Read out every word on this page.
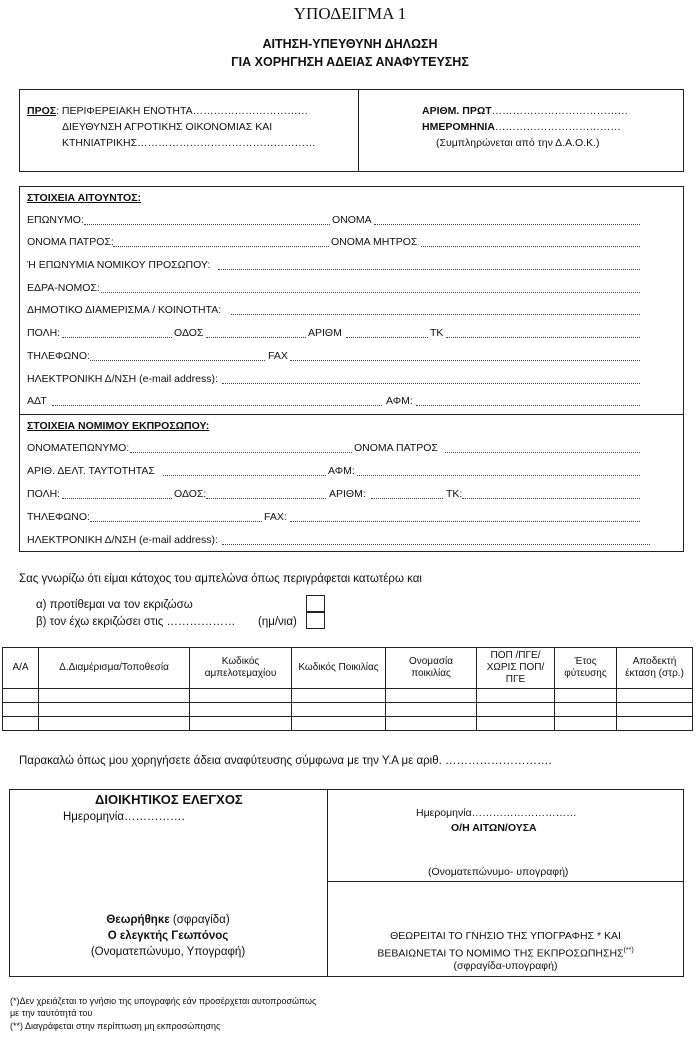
ΥΠΟΔΕΙΓΜΑ 1
ΑΙΤΗΣΗ-ΥΠΕΥΘΥΝΗ ΔΗΛΩΣΗ
ΓΙΑ ΧΟΡΗΓΗΣΗ ΑΔΕΙΑΣ ΑΝΑΦΥΤΕΥΣΗΣ
ΠΡΟΣ: ΠΕΡΙΦΕΡΕΙΑΚΗ ΕΝΟΤΗΤΑ……………………………
ΔΙΕΥΘΥΝΣΗ ΑΓΡΟΤΙΚΗΣ ΟΙΚΟΝΟΜΙΑΣ ΚΑΙ
ΚΤΗΝΙΑΤΡΙΚΗΣ……………………………………………
ΑΡΙΘΜ. ΠΡΩΤ…………………………………
ΗΜΕΡΟΜΗΝΙΑ………………………………
(Συμπληρώνεται από την Δ.Α.Ο.Κ.)
ΣΤΟΙΧΕΙΑ ΑΙΤΟΥΝΤΟΣ:
ΕΠΩΝΥΜΟ:	ΟΝΟΜΑ
ΟΝΟΜΑ ΠΑΤΡΟΣ:	ΟΝΟΜΑ ΜΗΤΡΟΣ
Ή ΕΠΩΝΥΜΙΑ ΝΟΜΙΚΟΥ ΠΡΟΣΩΠΟΥ:
ΕΔΡΑ-ΝΟΜΟΣ:
ΔΗΜΟΤΙΚΟ ΔΙΑΜΕΡΙΣΜΑ / ΚΟΙΝΟΤΗΤΑ:
ΠΟΛΗ:	ΟΔΟΣ	ΑΡΙΘΜ	ΤΚ
ΤΗΛΕΦΩΝΟ:	FAX
ΗΛΕΚΤΡΟΝΙΚΗ Δ/ΝΣΗ (e-mail address):
ΑΔΤ	ΑΦΜ:
ΣΤΟΙΧΕΙΑ ΝΟΜΙΜΟΥ ΕΚΠΡΟΣΩΠΟΥ:
ΟΝΟΜΑΤΕΠΩΝΥΜΟ:	ΟΝΟΜΑ ΠΑΤΡΟΣ
ΑΡΙΘ. ΔΕΛΤ. ΤΑΥΤΟΤΗΤΑΣ	ΑΦΜ:
ΠΟΛΗ:	ΟΔΟΣ:	ΑΡΙΘΜ:	ΤΚ:
ΤΗΛΕΦΩΝΟ:	FAX:
ΗΛΕΚΤΡΟΝΙΚΗ Δ/ΝΣΗ (e-mail address):
Σας γνωρίζω ότι είμαι κάτοχος του αμπελώνα όπως περιγράφεται κατωτέρω και
α) προτίθεμαι να τον εκριζώσω
β) τον έχω εκριζώσει στις ……………… (ημ/νια)
Α/Α	Δ.Διαμέρισμα/Τοποθεσία	Κωδικός αμπελοτεμαχίου	Κωδικός Ποικιλίας	Ονομασία ποικιλίας	ΠΟΠ /ΠΓΕ/ ΧΩΡΙΣ ΠΟΠ/ΠΓΕ	Έτος φύτευσης	Αποδεκτή έκταση (στρ.)

Παρακαλώ όπως μου χορηγήσετε άδεια αναφύτευσης σύμφωνα με την Υ.Α με αριθ. ……………………….
ΔΙΟΙΚΗΤΙΚΟΣ ΕΛΕΓΧΟΣ
Ημερομηνία…………….
Θεωρήθηκε (σφραγίδα)
Ο ελεγκτής Γεωπόνος
(Ονοματεπώνυμο, Υπογραφή)
Ημερομηνία…………………………
Ο/Η ΑΙΤΩΝ/ΟΥΣΑ
(Ονοματεπώνυμο- υπογραφή)
ΘΕΩΡΕΙΤΑΙ ΤΟ ΓΝΗΣΙΟ ΤΗΣ ΥΠΟΓΡΑΦΗΣ * ΚΑΙ
ΒΕΒΑΙΩΝΕΤΑΙ ΤΟ ΝΟΜΙΜΟ ΤΗΣ ΕΚΠΡΟΣΩΠΗΣΗΣ(**)
(σφραγίδα-υπογραφή)
(*)Δεν χρειάζεται το γνήσιο της υπογραφής εάν προσέρχεται αυτοπροσώπως
με την ταυτότητά του
(**) Διαγράφεται στην περίπτωση μη εκπροσώπησης
